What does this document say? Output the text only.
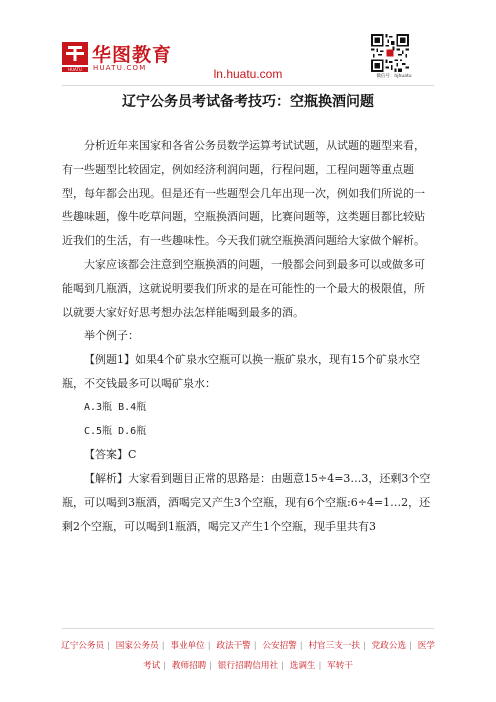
HUATU
华图教育
HUATU.COM	ln.huatu.com	微信号：hjhuatu
辽宁公务员考试备考技巧：空瓶换酒问题

分析近年来国家和各省公务员数学运算考试试题，从试题的题型来看，有一些题型比较固定，例如经济利润问题，行程问题，工程问题等重点题型，每年都会出现。但是还有一些题型会几年出现一次，例如我们所说的一些趣味题，像牛吃草问题，空瓶换酒问题，比赛问题等，这类题目都比较贴近我们的生活，有一些趣味性。今天我们就空瓶换酒问题给大家做个解析。

大家应该都会注意到空瓶换酒的问题，一般都会问到最多可以或做多可能喝到几瓶酒，这就说明要我们所求的是在可能性的一个最大的极限值，所以就要大家好好思考想办法怎样能喝到最多的酒。

举个例子：

【例题1】如果4个矿泉水空瓶可以换一瓶矿泉水，现有15个矿泉水空瓶，不交钱最多可以喝矿泉水：

A.3瓶 B.4瓶

C.5瓶 D.6瓶

【答案】C

【解析】大家看到题目正常的思路是：由题意15÷4=3…3，还剩3个空瓶，可以喝到3瓶酒，酒喝完又产生3个空瓶，现有6个空瓶:6÷4=1…2，还剩2个空瓶，可以喝到1瓶酒，喝完又产生1个空瓶，现手里共有3

辽宁公务员 | 国家公务员 | 事业单位 | 政法干警 | 公安招警 | 村官三支一扶 | 党政公选 | 医学考试 | 教师招聘 | 银行招聘信用社 | 选调生 | 军转干
